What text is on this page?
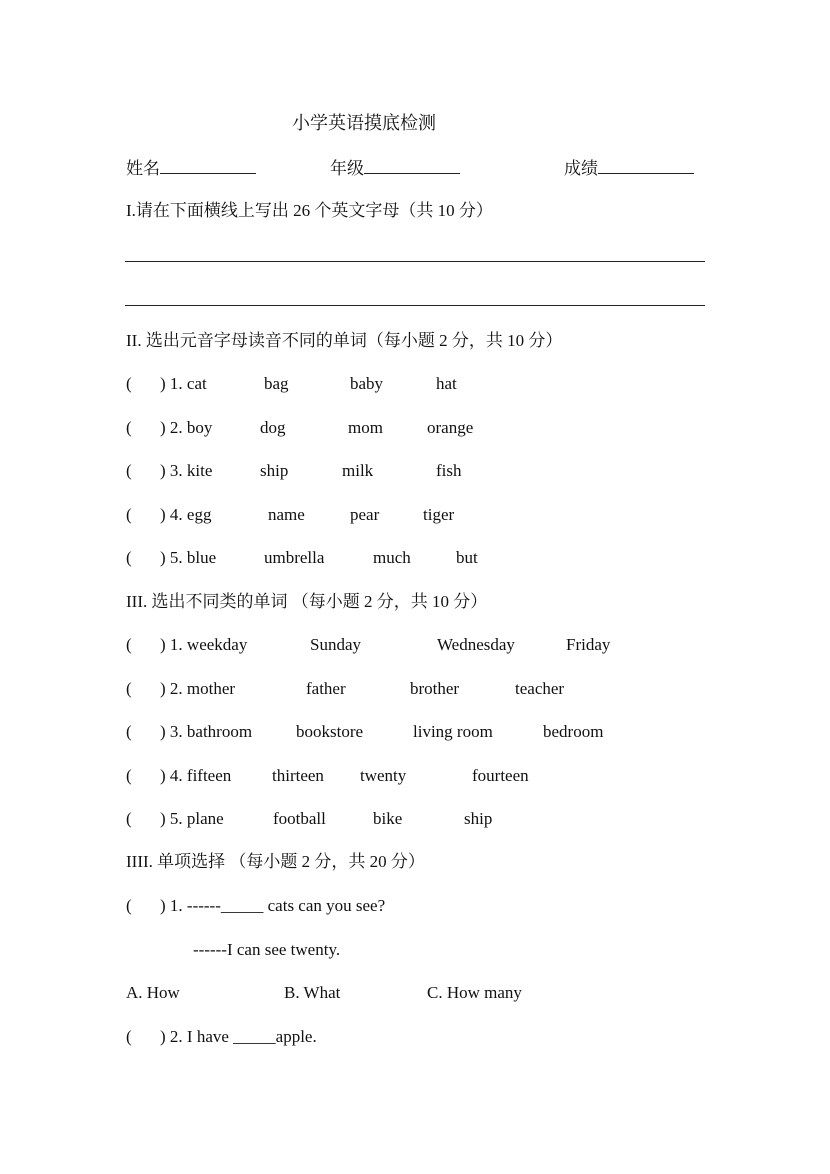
小学英语摸底检测
姓名	年级	成绩
I.请在下面横线上写出 26 个英文字母（共 10 分）
II. 选出元音字母读音不同的单词（每小题 2 分，共 10 分）
( ) 1. cat	bag	baby	hat
( ) 2. boy	dog	mom	orange
( ) 3. kite	ship	milk	fish
( ) 4. egg	name	pear	tiger
( ) 5. blue	umbrella	much	but
( ) 1. weekday	Sunday	Wednesday	Friday
( ) 2. mother	father	brother	teacher
( ) 3. bathroom	bookstore	living room	bedroom
( ) 4. fifteen thirteen twenty	fourteen
( ) 5. plane	football	bike	ship
III. 选出不同类的单词 （每小题 2 分，共 10 分）
IIII. 单项选择 （每小题 2 分，共 20 分）
( ) 1. ------_____ cats can you see?
------I can see twenty.
A. How	B. What	C. How many
( ) 2. I have _____apple.
